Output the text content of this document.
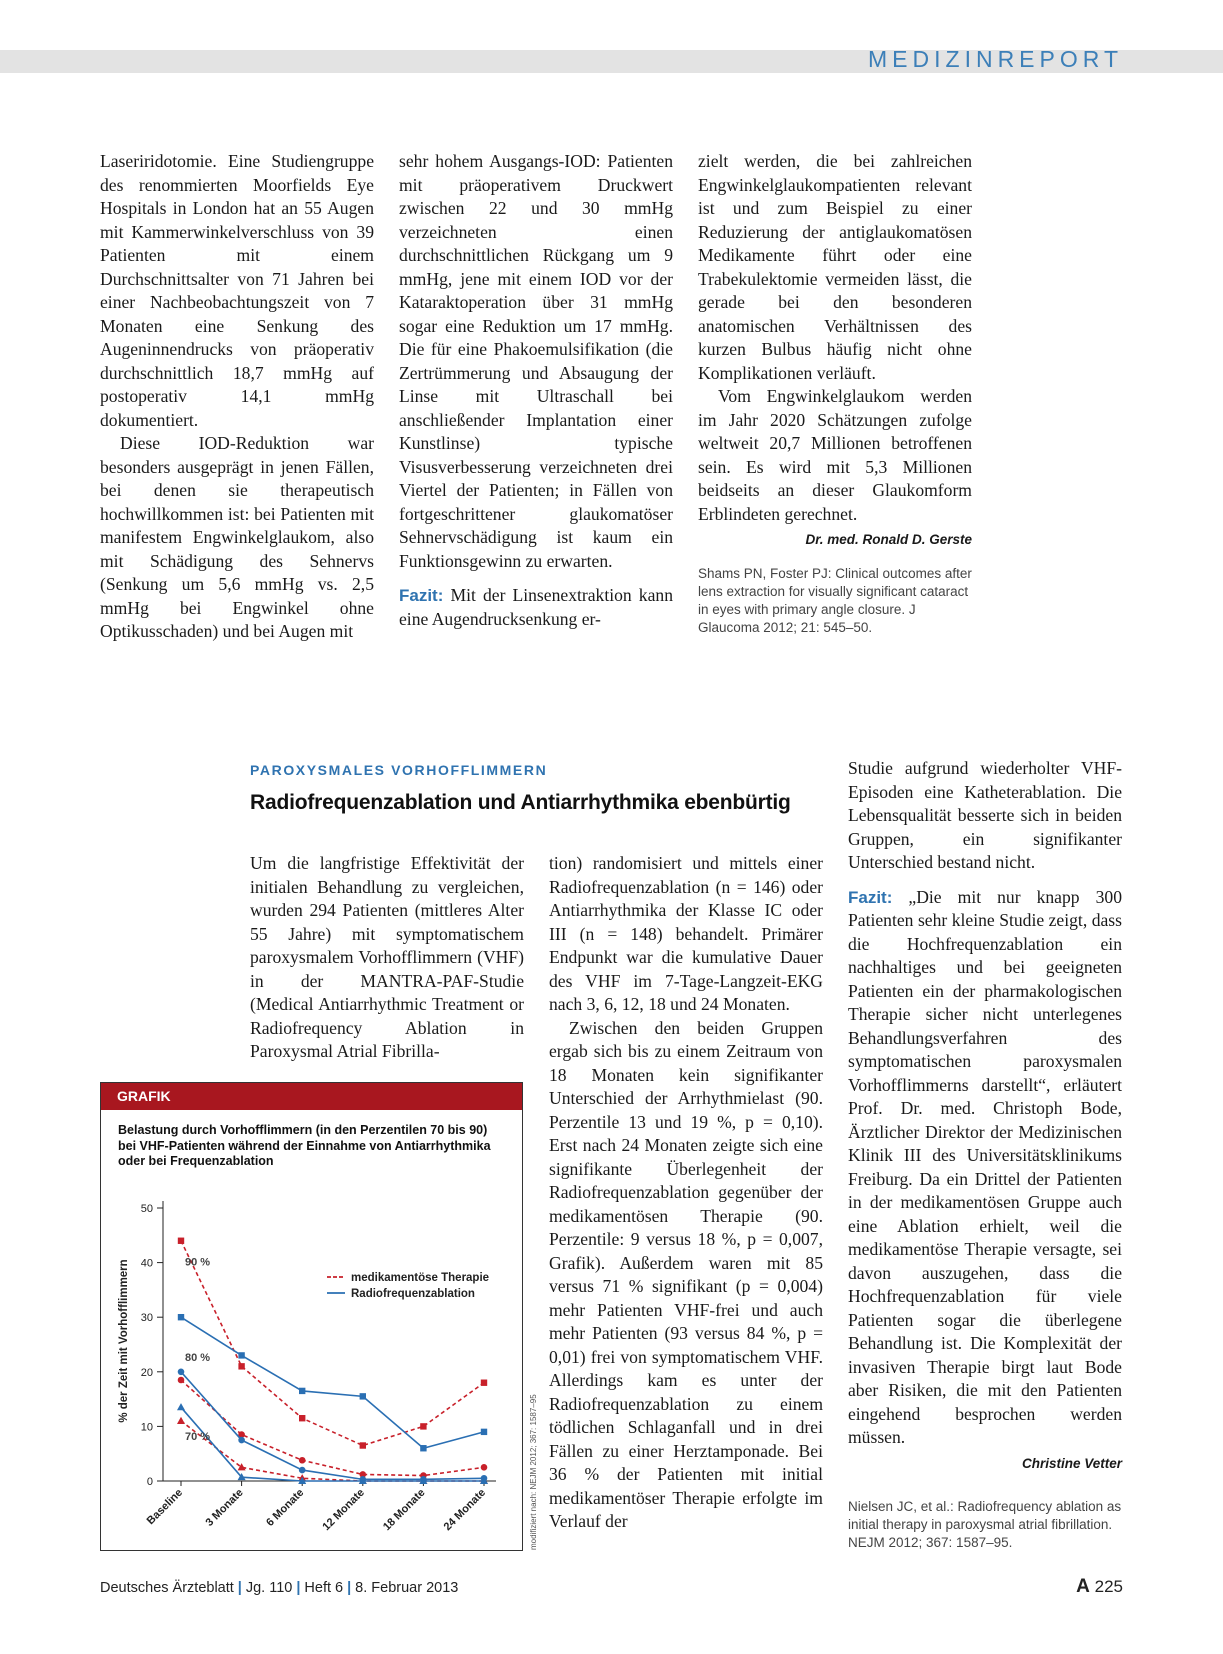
MEDIZINREPORT

Laseriridotomie. Eine Studiengruppe des renommierten Moorfields Eye Hospitals in London hat an 55 Augen mit Kammerwinkelverschluss von 39 Patienten mit einem Durchschnittsalter von 71 Jahren bei einer Nachbeobachtungszeit von 7 Monaten eine Senkung des Augeninnendrucks von präoperativ durchschnittlich 18,7 mmHg auf postoperativ 14,1 mmHg dokumentiert.

Diese IOD-Reduktion war besonders ausgeprägt in jenen Fällen, bei denen sie therapeutisch hochwillkommen ist: bei Patienten mit manifestem Engwinkelglaukom, also mit Schädigung des Sehnervs (Senkung um 5,6 mmHg vs. 2,5 mmHg bei Engwinkel ohne Optikusschaden) und bei Augen mit

sehr hohem Ausgangs-IOD: Patienten mit präoperativem Druckwert zwischen 22 und 30 mmHg verzeichneten einen durchschnittlichen Rückgang um 9 mmHg, jene mit einem IOD vor der Kataraktoperation über 31 mmHg sogar eine Reduktion um 17 mmHg. Die für eine Phakoemulsifikation (die Zertrümmerung und Absaugung der Linse mit Ultraschall bei anschließender Implantation einer Kunstlinse) typische Visusverbesserung verzeichneten drei Viertel der Patienten; in Fällen von fortgeschrittener glaukomatöser Sehnervschädigung ist kaum ein Funktionsgewinn zu erwarten.

Fazit: Mit der Linsenextraktion kann eine Augendrucksenkung er-

zielt werden, die bei zahlreichen Engwinkelglaukompatienten relevant ist und zum Beispiel zu einer Reduzierung der antiglaukomatösen Medikamente führt oder eine Trabekulektomie vermeiden lässt, die gerade bei den besonderen anatomischen Verhältnissen des kurzen Bulbus häufig nicht ohne Komplikationen verläuft.

Vom Engwinkelglaukom werden im Jahr 2020 Schätzungen zufolge weltweit 20,7 Millionen betroffenen sein. Es wird mit 5,3 Millionen beidseits an dieser Glaukomform Erblindeten gerechnet.

Dr. med. Ronald D. Gerste

Shams PN, Foster PJ: Clinical outcomes after lens extraction for visually significant cataract in eyes with primary angle closure. J Glaucoma 2012; 21: 545–50.
PAROXYSMALES VORHOFFLIMMERN
Radiofrequenzablation und Antiarrhythmika ebenbürtig

Um die langfristige Effektivität der initialen Behandlung zu vergleichen, wurden 294 Patienten (mittleres Alter 55 Jahre) mit symptomatischem paroxysmalem Vorhofflimmern (VHF) in der MANTRA-PAF-Studie (Medical Antiarrhythmic Treatment or Radiofrequency Ablation in Paroxysmal Atrial Fibrilla-

tion) randomisiert und mittels einer Radiofrequenzablation (n = 146) oder Antiarrhythmika der Klasse IC oder III (n = 148) behandelt. Primärer Endpunkt war die kumulative Dauer des VHF im 7-Tage-Langzeit-EKG nach 3, 6, 12, 18 und 24 Monaten.

Zwischen den beiden Gruppen ergab sich bis zu einem Zeitraum von 18 Monaten kein signifikanter Unterschied der Arrhythmielast (90. Perzentile 13 und 19 %, p = 0,10). Erst nach 24 Monaten zeigte sich eine signifikante Überlegenheit der Radiofrequenzablation gegenüber der medikamentösen Therapie (90. Perzentile: 9 versus 18 %, p = 0,007, Grafik). Außerdem waren mit 85 versus 71 % signifikant (p = 0,004) mehr Patienten VHF-frei und auch mehr Patienten (93 versus 84 %, p = 0,01) frei von symptomatischem VHF. Allerdings kam es unter der Radiofrequenzablation zu einem tödlichen Schlaganfall und in drei Fällen zu einer Herztamponade. Bei 36 % der Patienten mit initial medikamentöser Therapie erfolgte im Verlauf der

Studie aufgrund wiederholter VHF-Episoden eine Katheterablation. Die Lebensqualität besserte sich in beiden Gruppen, ein signifikanter Unterschied bestand nicht.

Fazit: „Die mit nur knapp 300 Patienten sehr kleine Studie zeigt, dass die Hochfrequenzablation ein nachhaltiges und bei geeigneten Patienten ein der pharmakologischen Therapie sicher nicht unterlegenes Behandlungsverfahren des symptomatischen paroxysmalen Vorhofflimmerns darstellt“, erläutert Prof. Dr. med. Christoph Bode, Ärztlicher Direktor der Medizinischen Klinik III des Universitätsklinikums Freiburg. Da ein Drittel der Patienten in der medikamentösen Gruppe auch eine Ablation erhielt, weil die medikamentöse Therapie versagte, sei davon auszugehen, dass die Hochfrequenzablation für viele Patienten sogar die überlegene Behandlung ist. Die Komplexität der invasiven Therapie birgt laut Bode aber Risiken, die mit den Patienten eingehend besprochen werden müssen.

Christine Vetter

Nielsen JC, et al.: Radiofrequency ablation as initial therapy in paroxysmal atrial fibrillation. NEJM 2012; 367: 1587–95.
GRAFIK
Belastung durch Vorhofflimmern (in den Perzentilen 70 bis 90) bei VHF-Patienten während der Einnahme von Antiarrhythmika oder bei Frequenzablation
0
10
20
30
40
50
% der Zeit mit Vorhofflimmern
Baseline 3 Monate 6 Monate 12 Monate 18 Monate 24 Monate
90 %
80 %
70 %
medikamentöse Therapie
Radiofrequenzablation
modifiziert nach: NEJM 2012; 367: 1587–95
Deutsches Ärzteblatt | Jg. 110 | Heft 6 | 8. Februar 2013	A 225
